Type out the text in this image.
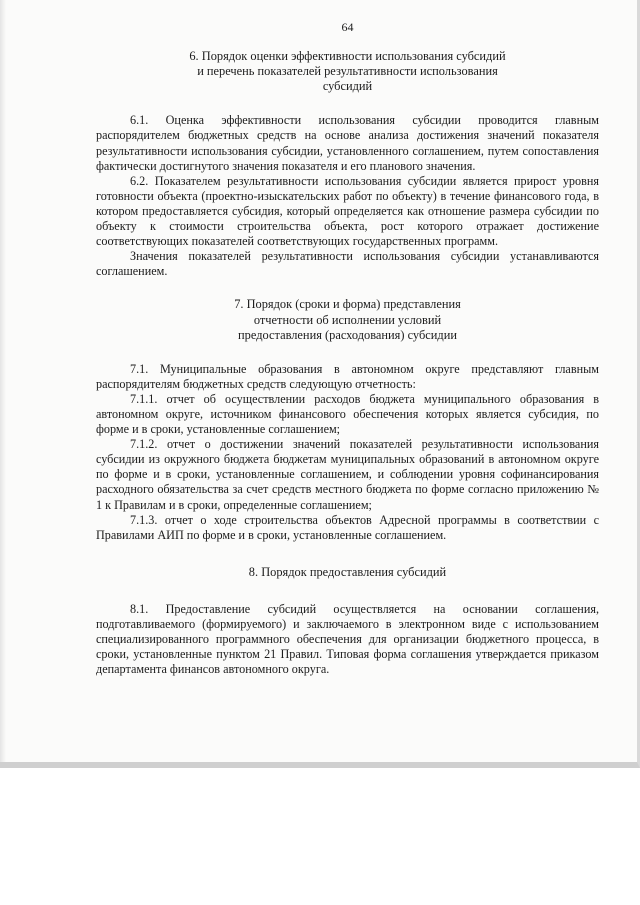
64
6. Порядок оценки эффективности использования субсидий
и перечень показателей результативности использования
субсидий

6.1. Оценка эффективности использования субсидии проводится главным распорядителем бюджетных средств на основе анализа достижения значений показателя результативности использования субсидии, установленного соглашением, путем сопоставления фактически достигнутого значения показателя и его планового значения.

6.2. Показателем результативности использования субсидии является прирост уровня готовности объекта (проектно-изыскательских работ по объекту) в течение финансового года, в котором предоставляется субсидия, который определяется как отношение размера субсидии по объекту к стоимости строительства объекта, рост которого отражает достижение соответствующих показателей соответствующих государственных программ.

Значения показателей результативности использования субсидии устанавливаются соглашением.

7. Порядок (сроки и форма) представления
отчетности об исполнении условий
предоставления (расходования) субсидии

7.1. Муниципальные образования в автономном округе представляют главным распорядителям бюджетных средств следующую отчетность:

7.1.1. отчет об осуществлении расходов бюджета муниципального образования в автономном округе, источником финансового обеспечения которых является субсидия, по форме и в сроки, установленные соглашением;

7.1.2. отчет о достижении значений показателей результативности использования субсидии из окружного бюджета бюджетам муниципальных образований в автономном округе по форме и в сроки, установленные соглашением, и соблюдении уровня софинансирования расходного обязательства за счет средств местного бюджета по форме согласно приложению № 1 к Правилам и в сроки, определенные соглашением;

7.1.3. отчет о ходе строительства объектов Адресной программы в соответствии с Правилами АИП по форме и в сроки, установленные соглашением.

8. Порядок предоставления субсидий

8.1. Предоставление субсидий осуществляется на основании соглашения, подготавливаемого (формируемого) и заключаемого в электронном виде с использованием специализированного программного обеспечения для организации бюджетного процесса, в сроки, установленные пунктом 21 Правил. Типовая форма соглашения утверждается приказом департамента финансов автономного округа.
